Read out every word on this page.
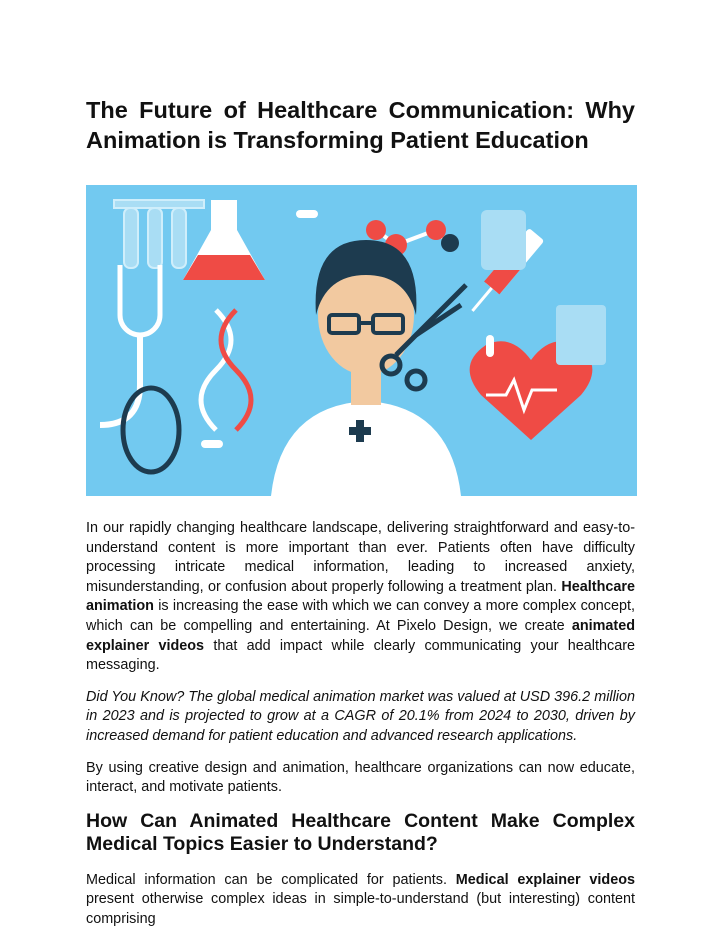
The Future of Healthcare Communication: Why Animation is Transforming Patient Education

In our rapidly changing healthcare landscape, delivering straightforward and easy-to-understand content is more important than ever. Patients often have difficulty processing intricate medical information, leading to increased anxiety, misunderstanding, or confusion about properly following a treatment plan. Healthcare animation is increasing the ease with which we can convey a more complex concept, which can be compelling and entertaining. At Pixelo Design, we create animated explainer videos that add impact while clearly communicating your healthcare messaging.

Did You Know? The global medical animation market was valued at USD 396.2 million in 2023 and is projected to grow at a CAGR of 20.1% from 2024 to 2030, driven by increased demand for patient education and advanced research applications.

By using creative design and animation, healthcare organizations can now educate, interact, and motivate patients.

How Can Animated Healthcare Content Make Complex Medical Topics Easier to Understand?

Medical information can be complicated for patients. Medical explainer videos present otherwise complex ideas in simple-to-understand (but interesting) content comprising
